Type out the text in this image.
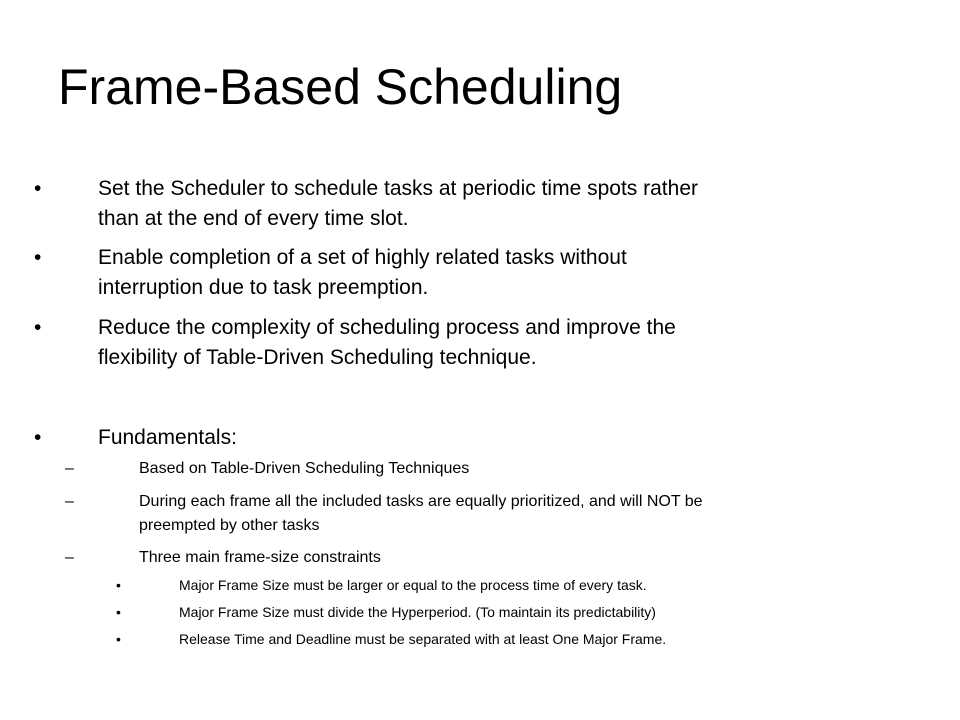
Frame-Based Scheduling
•	Set the Scheduler to schedule tasks at periodic time spots rather
than at the end of every time slot.
•	Enable completion of a set of highly related tasks without
interruption due to task preemption.
•	Reduce the complexity of scheduling process and improve the
flexibility of Table-Driven Scheduling technique.
•	Fundamentals:
–	Based on Table-Driven Scheduling Techniques
–	During each frame all the included tasks are equally prioritized, and will NOT be
preempted by other tasks
–	Three main frame-size constraints
•	Major Frame Size must be larger or equal to the process time of every task.
•	Major Frame Size must divide the Hyperperiod. (To maintain its predictability)
•	Release Time and Deadline must be separated with at least One Major Frame.
